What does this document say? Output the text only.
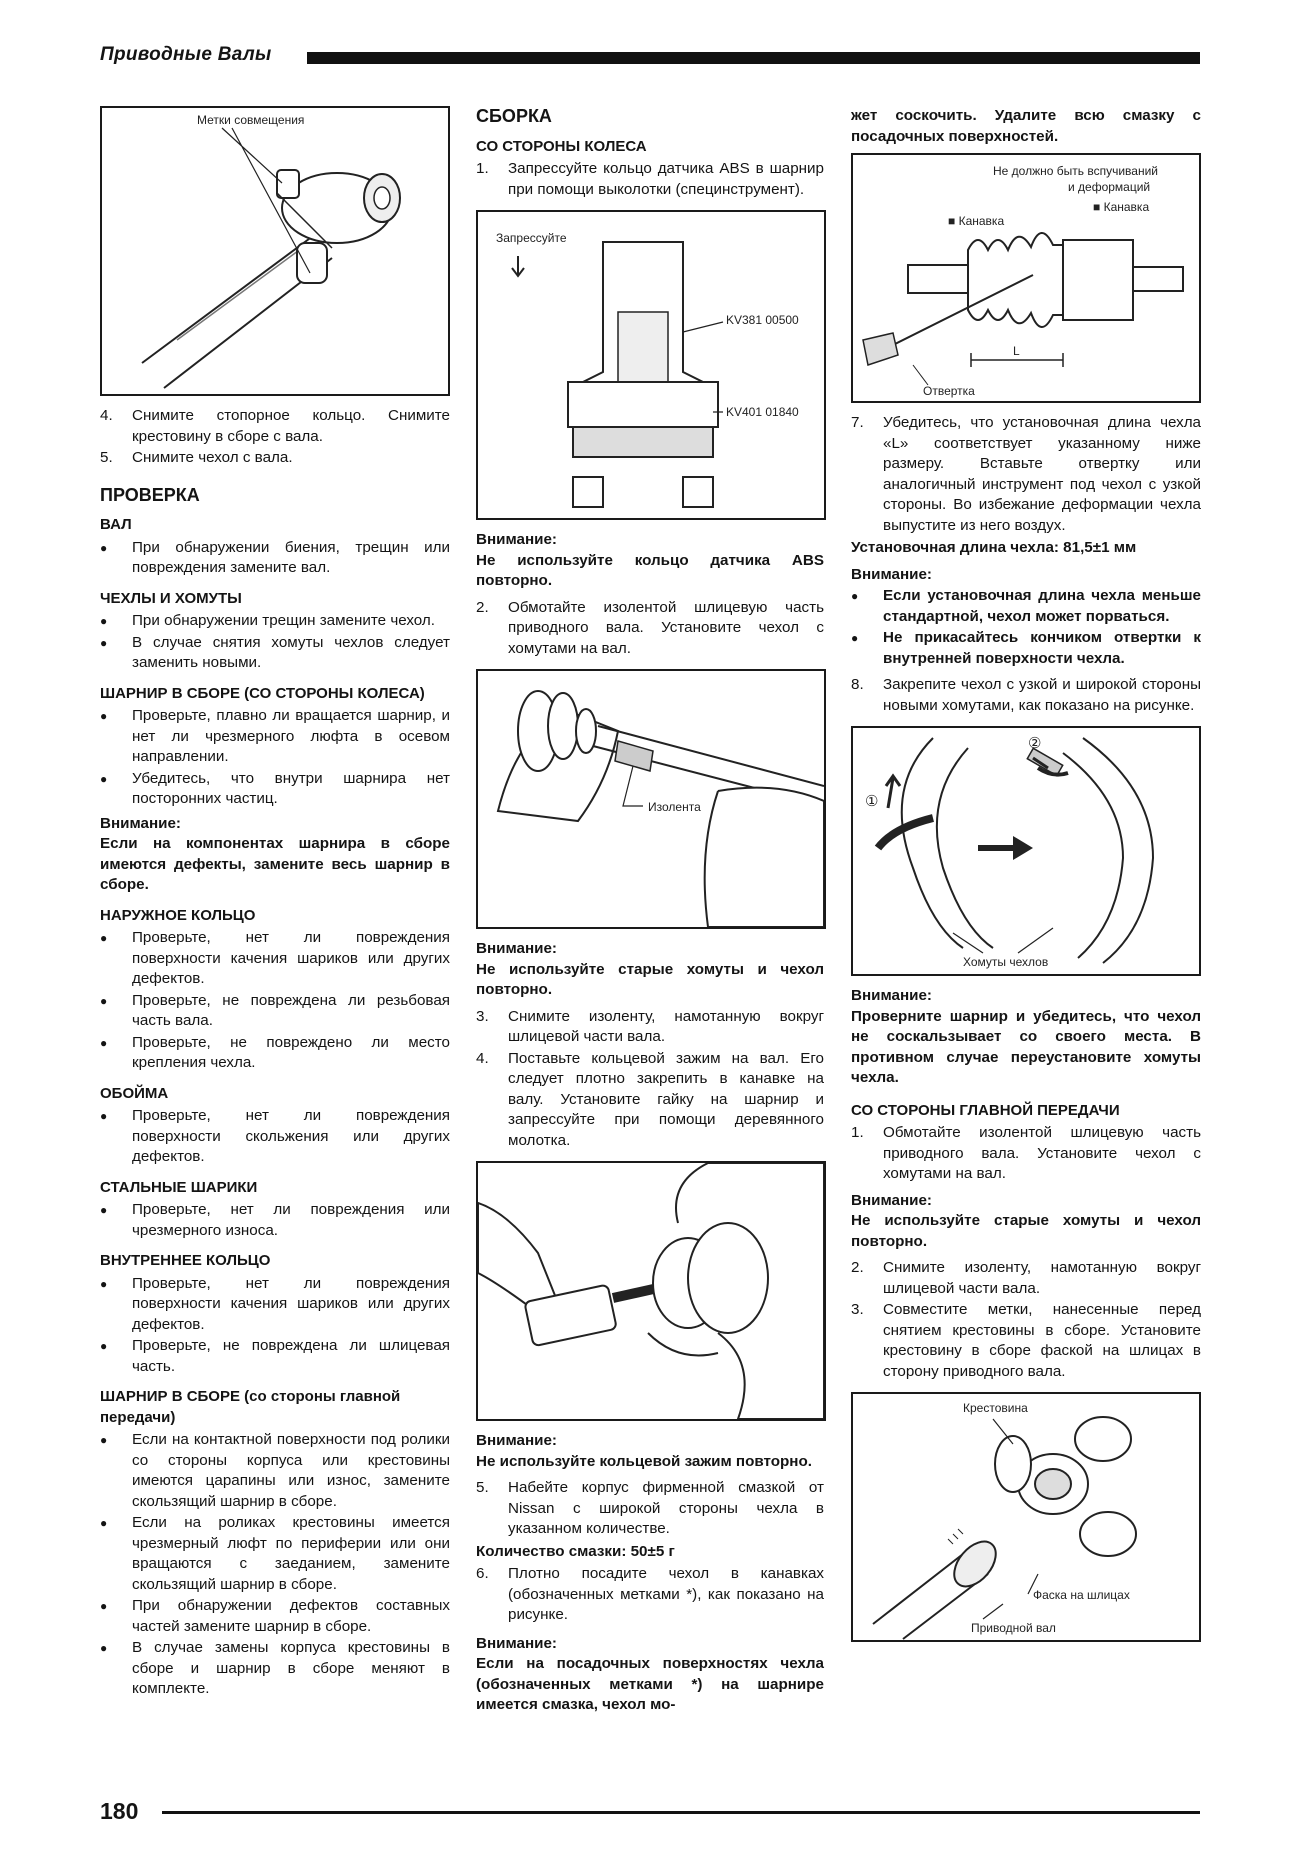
Приводные Валы
Метки совмещения
4.	Снимите стопорное кольцо. Снимите крестовину в сборе с вала.
5.	Снимите чехол с вала.
ПРОВЕРКА
ВАЛ
●	При обнаружении биения, трещин или повреждения замените вал.
ЧЕХЛЫ И ХОМУТЫ
●	При обнаружении трещин замените чехол.
●	В случае снятия хомуты чехлов следует заменить новыми.
ШАРНИР В СБОРЕ (СО СТОРОНЫ КОЛЕСА)
●	Проверьте, плавно ли вращается шарнир, и нет ли чрезмерного люфта в осевом направлении.
●	Убедитесь, что внутри шарнира нет посторонних частиц.
Внимание:
Если на компонентах шарнира в сборе имеются дефекты, замените весь шарнир в сборе.
НАРУЖНОЕ КОЛЬЦО
●	Проверьте, нет ли повреждения поверхности качения шариков или других дефектов.
●	Проверьте, не повреждена ли резьбовая часть вала.
●	Проверьте, не повреждено ли место крепления чехла.
ОБОЙМА
●	Проверьте, нет ли повреждения поверхности скольжения или других дефектов.
СТАЛЬНЫЕ ШАРИКИ
●	Проверьте, нет ли повреждения или чрезмерного износа.
ВНУТРЕННЕЕ КОЛЬЦО
●	Проверьте, нет ли повреждения поверхности качения шариков или других дефектов.
●	Проверьте, не повреждена ли шлицевая часть.
ШАРНИР В СБОРЕ (со стороны главной передачи)
●	Если на контактной поверхности под ролики со стороны корпуса или крестовины имеются царапины или износ, замените скользящий шарнир в сборе.
●	Если на роликах крестовины имеется чрезмерный люфт по периферии или они вращаются с заеданием, замените скользящий шарнир в сборе.
●	При обнаружении дефектов составных частей замените шарнир в сборе.
●	В случае замены корпуса крестовины в сборе и шарнир в сборе меняют в комплекте.
СБОРКА
СО СТОРОНЫ КОЛЕСА
1.	Запрессуйте кольцо датчика ABS в шарнир при помощи выколотки (специнструмент).
Запрессуйте
KV381 00500
KV401 01840
Внимание:
Не используйте кольцо датчика ABS повторно.
2.	Обмотайте изолентой шлицевую часть приводного вала. Установите чехол с хомутами на вал.
Изолента
Внимание:
Не используйте старые хомуты и чехол повторно.
3.	Снимите изоленту, намотанную вокруг шлицевой части вала.
4.	Поставьте кольцевой зажим на вал. Его следует плотно закрепить в канавке на валу. Установите гайку на шарнир и запрессуйте при помощи деревянного молотка.
Внимание:
Не используйте кольцевой зажим повторно.
5.	Набейте корпус фирменной смазкой от Nissan с широкой стороны чехла в указанном количестве.
Количество смазки: 50±5 г
6.	Плотно посадите чехол в канавках (обозначенных метками *), как показано на рисунке.
Внимание:
Если на посадочных поверхностях чехла (обозначенных метками *) на шарнире имеется смазка, чехол мо-
жет соскочить. Удалите всю смазку с посадочных поверхностей.
Не должно быть вспучиваний
и деформаций
■ Канавка
■ Канавка
L
Отвертка
7.	Убедитесь, что установочная длина чехла «L» соответствует указанному ниже размеру. Вставьте отвертку или аналогичный инструмент под чехол с узкой стороны. Во избежание деформации чехла выпустите из него воздух.
Установочная длина чехла: 81,5±1 мм
Внимание:
●	Если установочная длина чехла меньше стандартной, чехол может порваться.
●	Не прикасайтесь кончиком отвертки к внутренней поверхности чехла.
8.	Закрепите чехол с узкой и широкой стороны новыми хомутами, как показано на рисунке.
①
②
Хомуты чехлов
Внимание:
Проверните шарнир и убедитесь, что чехол не соскальзывает со своего места. В противном случае переустановите хомуты чехла.
СО СТОРОНЫ ГЛАВНОЙ ПЕРЕДАЧИ
1.	Обмотайте изолентой шлицевую часть приводного вала. Установите чехол с хомутами на вал.
Внимание:
Не используйте старые хомуты и чехол повторно.
2.	Снимите изоленту, намотанную вокруг шлицевой части вала.
3.	Совместите метки, нанесенные перед снятием крестовины в сборе. Установите крестовину в сборе фаской на шлицах в сторону приводного вала.
Крестовина
Фаска на шлицах
Приводной вал
180
